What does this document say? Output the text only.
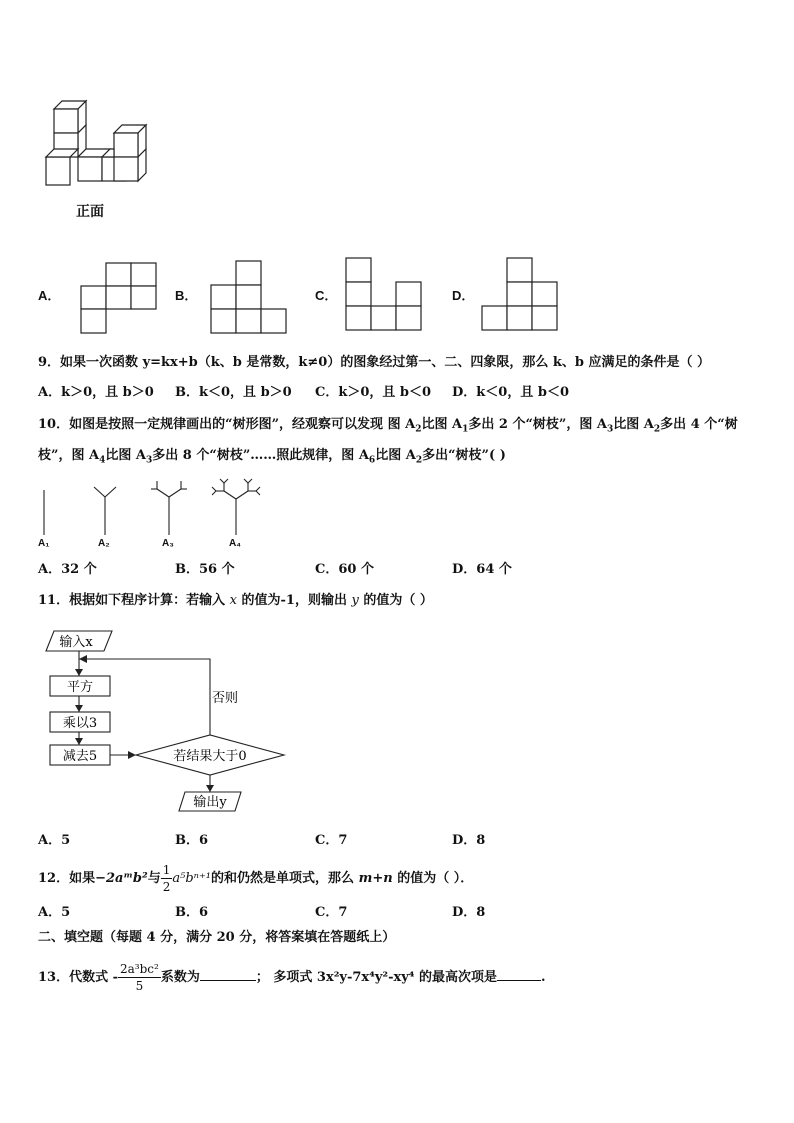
正面
A．	B．	C．	D．
9．如果一次函数 y=kx+b（k、b 是常数，k≠0）的图象经过第一、二、四象限，那么 k、b 应满足的条件是（ ）
A．k＞0，且 b＞0 B．k＜0，且 b＞0 C．k＞0，且 b＜0 D．k＜0，且 b＜0
10．如图是按照一定规律画出的“树形图”，经观察可以发现 图 $A_2$比图 $A_1$多出 2 个“树枝”，图 $A_3$比图 $A_2$多出 4 个“树
枝”，图 $A_4$比图 $A_3$多出 8 个“树枝”……照此规律，图 $A_6$比图 $A_2$多出“树枝”( )
A₁	A₂	A₃	A₄
A．32 个	B．56 个	C．60 个	D．64 个
11．根据如下程序计算：若输入 x 的值为-1，则输出 y 的值为（ ）
输入x
平方
乘以3
减去5	若结果大于0
否则
输出y
A．5	B．6	C．7	D．8
12．如果−2aᵐb²与 $\frac{1}{2} a^5b^{n+1}$的和仍然是单项式，那么 m+n 的值为（ ）．
A．5	B．6	C．7	D．8
二、填空题（每题 4 分，满分 20 分，将答案填在答题纸上）
13．代数式 - $\frac{\text{2a³bc²}}{5}$ 系数为	； 多项式 3x²y-7x⁴y²-xy⁴ 的最高次项是	.
